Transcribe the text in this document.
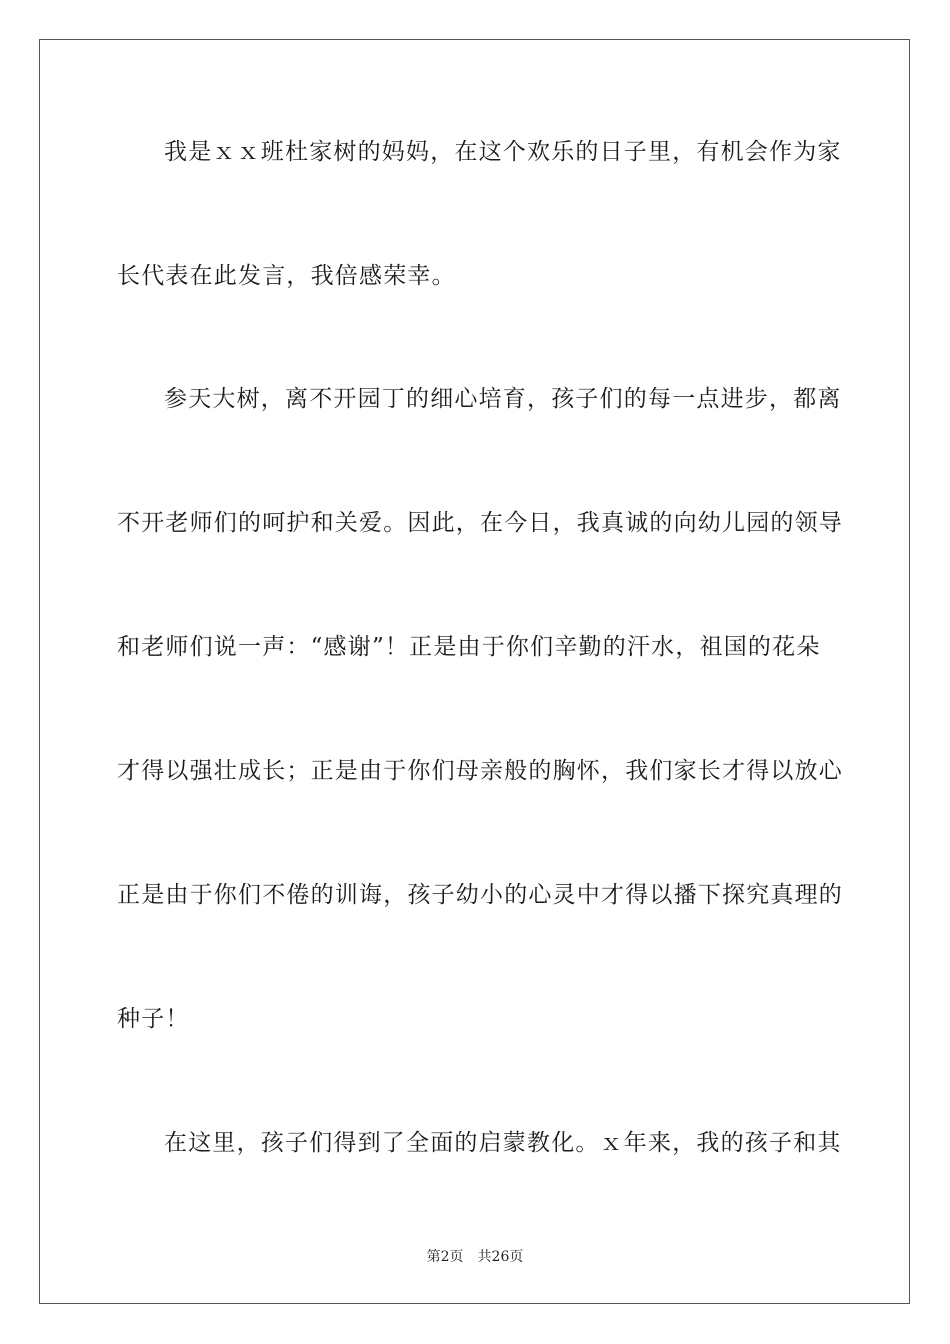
我是ｘｘ班杜家树的妈妈，在这个欢乐的日子里，有机会作为家
长代表在此发言，我倍感荣幸。
参天大树，离不开园丁的细心培育，孩子们的每一点进步，都离
不开老师们的呵护和关爱。因此，在今日，我真诚的向幼儿园的领导
和老师们说一声：“感谢”！正是由于你们辛勤的汗水，祖国的花朵
才得以强壮成长；正是由于你们母亲般的胸怀，我们家长才得以放心
正是由于你们不倦的训诲，孩子幼小的心灵中才得以播下探究真理的
种子！
在这里，孩子们得到了全面的启蒙教化。ｘ年来，我的孩子和其
第2页 共26页
